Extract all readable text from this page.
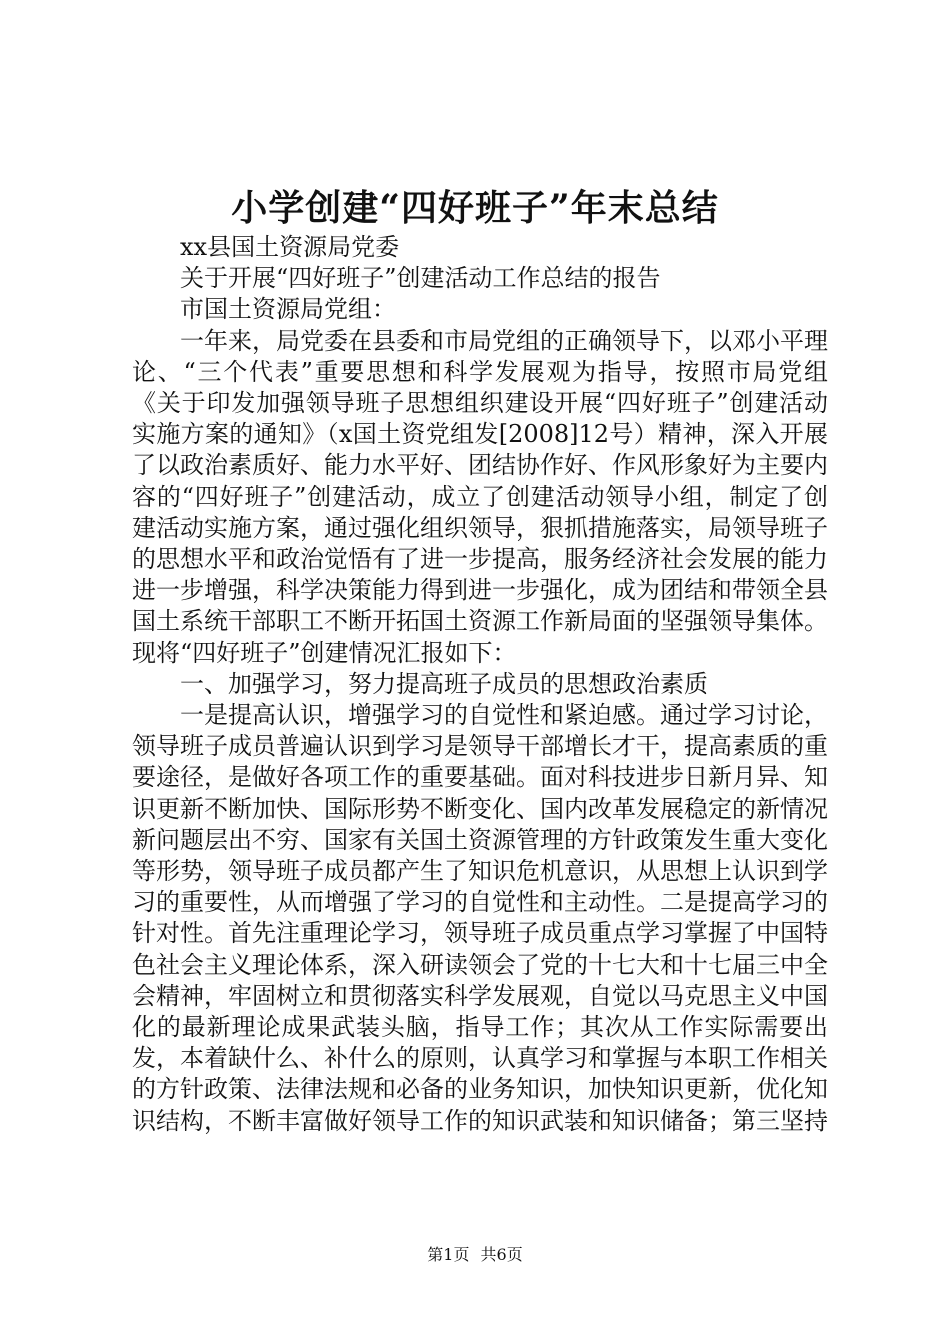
小学创建“四好班子”年末总结

xx县国土资源局党委

关于开展“四好班子”创建活动工作总结的报告

市国土资源局党组：

一年来，局党委在县委和市局党组的正确领导下，以邓小平理论、“三个代表”重要思想和科学发展观为指导，按照市局党组《关于印发加强领导班子思想组织建设开展“四好班子”创建活动实施方案的通知》（x国土资党组发[2008]12号）精神，深入开展了以政治素质好、能力水平好、团结协作好、作风形象好为主要内容的“四好班子”创建活动，成立了创建活动领导小组，制定了创建活动实施方案，通过强化组织领导，狠抓措施落实，局领导班子的思想水平和政治觉悟有了进一步提高，服务经济社会发展的能力进一步增强，科学决策能力得到进一步强化，成为团结和带领全县国土系统干部职工不断开拓国土资源工作新局面的坚强领导集体。现将“四好班子”创建情况汇报如下：

一、加强学习，努力提高班子成员的思想政治素质

一是提高认识，增强学习的自觉性和紧迫感。通过学习讨论，领导班子成员普遍认识到学习是领导干部增长才干，提高素质的重要途径，是做好各项工作的重要基础。面对科技进步日新月异、知识更新不断加快、国际形势不断变化、国内改革发展稳定的新情况新问题层出不穷、国家有关国土资源管理的方针政策发生重大变化等形势，领导班子成员都产生了知识危机意识，从思想上认识到学习的重要性，从而增强了学习的自觉性和主动性。二是提高学习的针对性。首先注重理论学习，领导班子成员重点学习掌握了中国特色社会主义理论体系，深入研读领会了党的十七大和十七届三中全会精神，牢固树立和贯彻落实科学发展观，自觉以马克思主义中国化的最新理论成果武装头脑，指导工作；其次从工作实际需要出发，本着缺什么、补什么的原则，认真学习和掌握与本职工作相关的方针政策、法律法规和必备的业务知识，加快知识更新，优化知识结构，不断丰富做好领导工作的知识武装和知识储备；第三坚持

第1页 共6页
